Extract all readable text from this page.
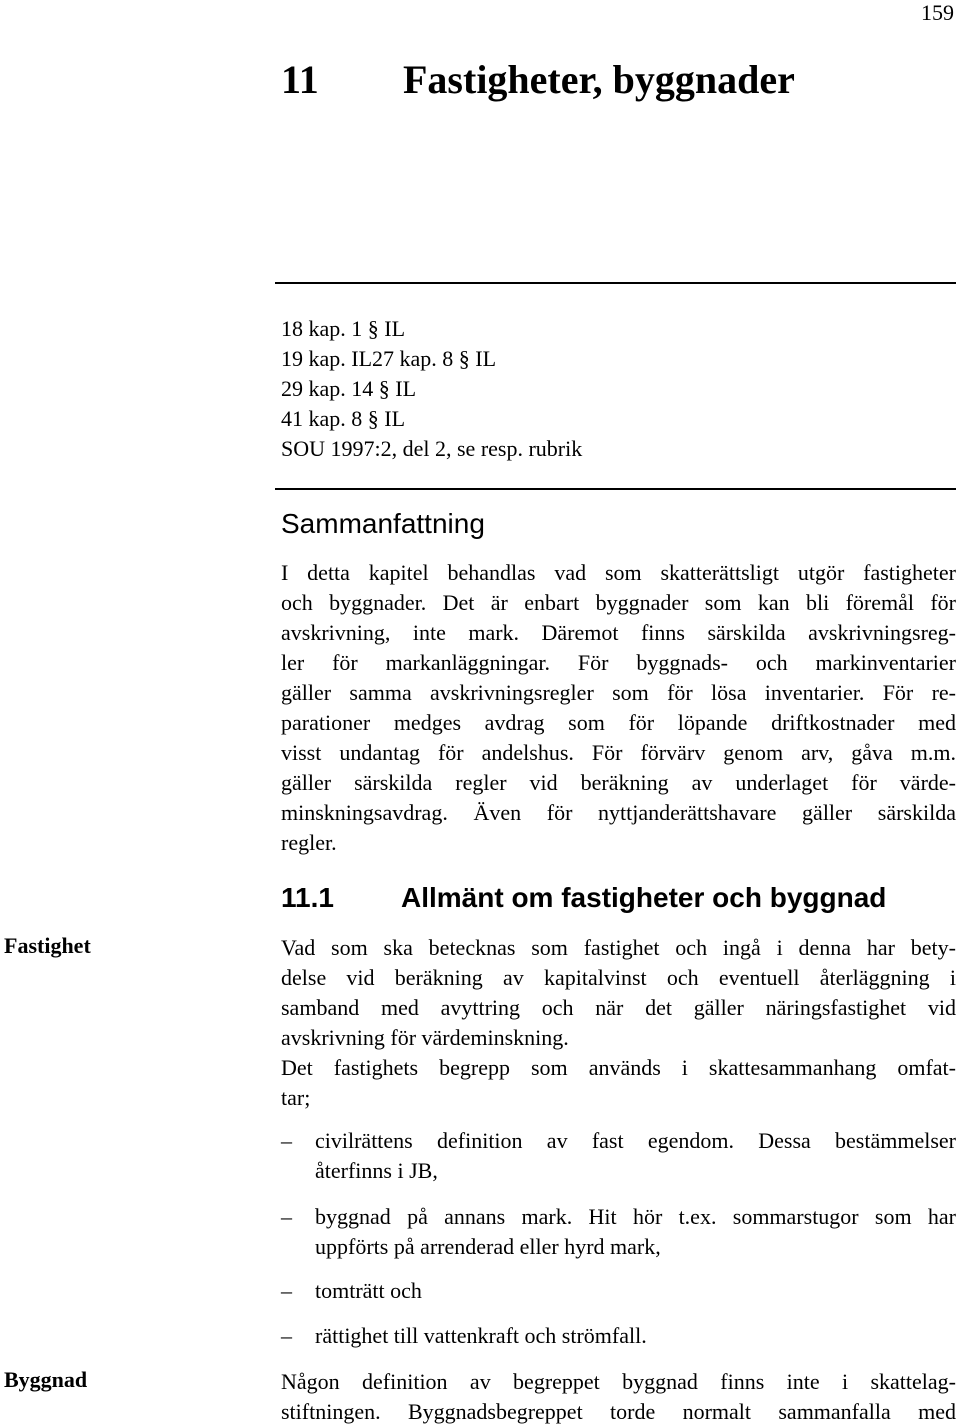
159
11 Fastigheter, byggnader
18 kap. 1 § IL
19 kap. IL27 kap. 8 § IL
29 kap. 14 § IL
41 kap. 8 § IL
SOU 1997:2, del 2, se resp. rubrik
Sammanfattning
I detta kapitel behandlas vad som skatterättsligt utgör fastigheter
och byggnader. Det är enbart byggnader som kan bli föremål för
avskrivning, inte mark. Däremot finns särskilda avskrivningsreg-
ler för markanläggningar. För byggnads- och markinventarier
gäller samma avskrivningsregler som för lösa inventarier. För re-
parationer medges avdrag som för löpande driftkostnader med
visst undantag för andelshus. För förvärv genom arv, gåva m.m.
gäller särskilda regler vid beräkning av underlaget för värde-
minskningsavdrag. Även för nyttjanderättshavare gäller särskilda
regler.
11.1 Allmänt om fastigheter och byggnad
Fastighet	Vad som ska betecknas som fastighet och ingå i denna har bety-
delse vid beräkning av kapitalvinst och eventuell återläggning i
samband med avyttring och när det gäller näringsfastighet vid
avskrivning för värdeminskning.
Det fastighets begrepp som används i skattesammanhang omfat-
tar;
–	civilrättens definition av fast egendom. Dessa bestämmelser
återfinns i JB,
–	byggnad på annans mark. Hit hör t.ex. sommarstugor som har
uppförts på arrenderad eller hyrd mark,
–	tomträtt och
–	rättighet till vattenkraft och strömfall.
Byggnad	Någon definition av begreppet byggnad finns inte i skattelag-
stiftningen. Byggnadsbegreppet torde normalt sammanfalla med
